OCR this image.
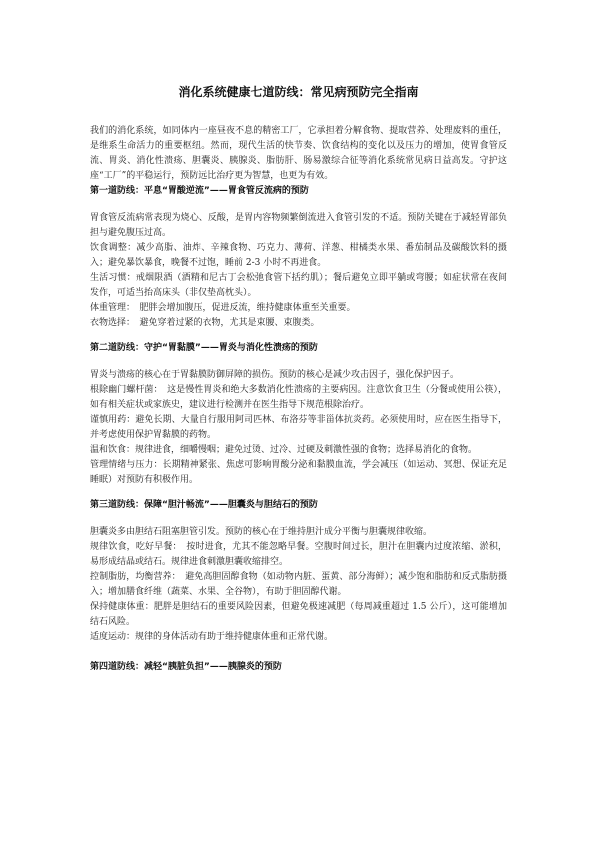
消化系统健康七道防线：常见病预防完全指南

我们的消化系统，如同体内一座昼夜不息的精密工厂，它承担着分解食物、提取营养、处理废料的重任，是维系生命活力的重要枢纽。然而，现代生活的快节奏、饮食结构的变化以及压力的增加，使胃食管反流、胃炎、消化性溃疡、胆囊炎、胰腺炎、脂肪肝、肠易激综合征等消化系统常见病日益高发。守护这座“工厂”的平稳运行，预防远比治疗更为智慧，也更为有效。

第一道防线：平息“胃酸逆流”——胃食管反流病的预防

胃食管反流病常表现为烧心、反酸，是胃内容物频繁倒流进入食管引发的不适。预防关键在于减轻胃部负担与避免腹压过高。

饮食调整：减少高脂、油炸、辛辣食物、巧克力、薄荷、洋葱、柑橘类水果、番茄制品及碳酸饮料的摄入；避免暴饮暴食，晚餐不过饱，睡前 2-3 小时不再进食。

生活习惯：戒烟限酒（酒精和尼古丁会松弛食管下括约肌）；餐后避免立即平躺或弯腰；如症状常在夜间发作，可适当抬高床头（非仅垫高枕头）。

体重管理：　肥胖会增加腹压，促进反流，维持健康体重至关重要。

衣物选择：　避免穿着过紧的衣物，尤其是束腰、束腹类。

第二道防线：守护“胃黏膜”——胃炎与消化性溃疡的预防

胃炎与溃疡的核心在于胃黏膜防御屏障的损伤。预防的核心是减少攻击因子，强化保护因子。

根除幽门螺杆菌：　这是慢性胃炎和绝大多数消化性溃疡的主要病因。注意饮食卫生（分餐或使用公筷），如有相关症状或家族史，建议进行检测并在医生指导下规范根除治疗。

谨慎用药：避免长期、大量自行服用阿司匹林、布洛芬等非甾体抗炎药。必须使用时，应在医生指导下，并考虑使用保护胃黏膜的药物。

温和饮食：规律进食，细嚼慢咽；避免过烫、过冷、过硬及刺激性强的食物；选择易消化的食物。

管理情绪与压力：长期精神紧张、焦虑可影响胃酸分泌和黏膜血流，学会减压（如运动、冥想、保证充足睡眠）对预防有积极作用。

第三道防线：保障“胆汁畅流”——胆囊炎与胆结石的预防

胆囊炎多由胆结石阻塞胆管引发。预防的核心在于维持胆汁成分平衡与胆囊规律收缩。

规律饮食，吃好早餐：　按时进食，尤其不能忽略早餐。空腹时间过长，胆汁在胆囊内过度浓缩、淤积，易形成结晶或结石。规律进食刺激胆囊收缩排空。

控制脂肪，均衡营养：　避免高胆固醇食物（如动物内脏、蛋黄、部分海鲜）；减少饱和脂肪和反式脂肪摄入；增加膳食纤维（蔬菜、水果、全谷物），有助于胆固醇代谢。

保持健康体重：肥胖是胆结石的重要风险因素，但避免极速减肥（每周减重超过 1.5 公斤），这可能增加结石风险。

适度运动：规律的身体活动有助于维持健康体重和正常代谢。

第四道防线：减轻“胰脏负担”——胰腺炎的预防
